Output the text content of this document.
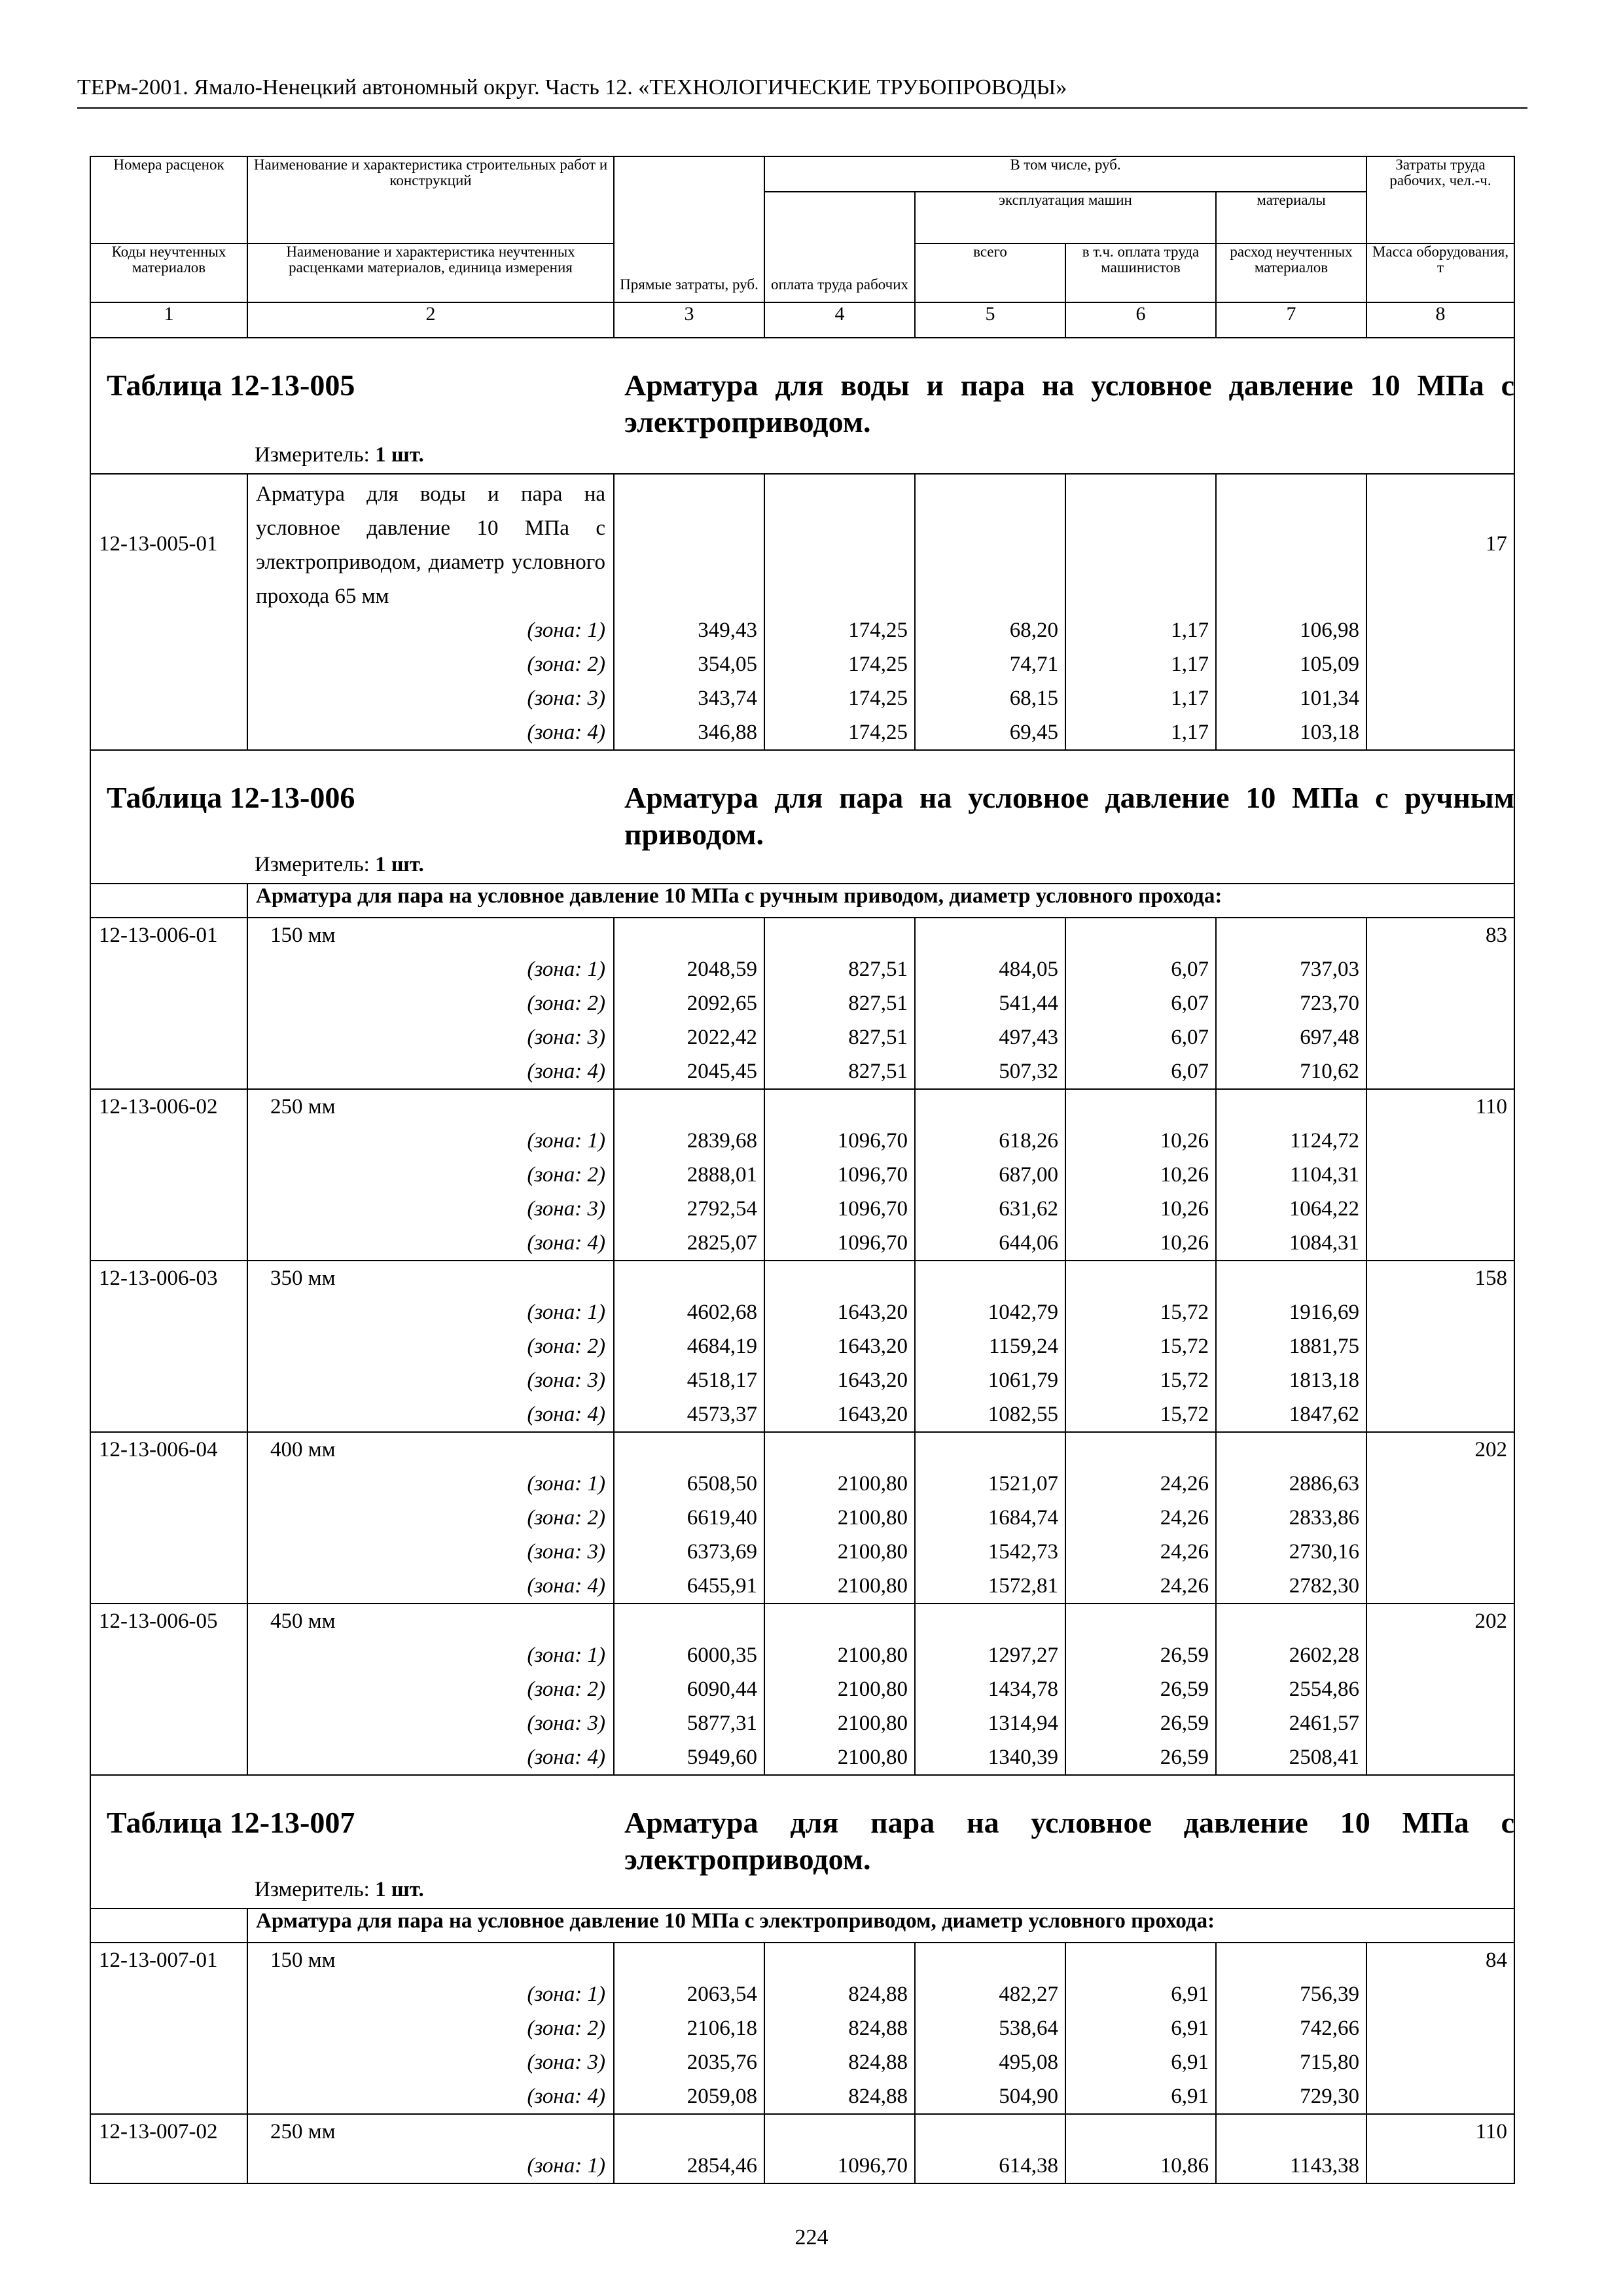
ТЕРм-2001. Ямало-Ненецкий автономный округ. Часть 12. «ТЕХНОЛОГИЧЕСКИЕ ТРУБОПРОВОДЫ»
Номера расценок	Наименование и характеристика строительных работ и конструкций	Прямые затраты, руб.	В том числе, руб.				Затраты труда рабочих, чел.-ч.
			оплата труда рабочих	эксплуатация машин		материалы	
Коды неучтенных материалов	Наименование и характеристика неучтенных расценками материалов, единица измерения			всего	в т.ч. оплата труда машинистов	расход неучтенных материалов	Масса оборудования, т
1	2	3	4	5	6	7	8

Таблица 12-13-005 Арматура для воды и пара на условное давление 10 МПа с электроприводом.
Измеритель: 1 шт.							

12-13-005-01	Арматура для воды и пара на условное давление 10 МПа с электроприводом, диаметр условного прохода 65 мм						17
	(зона: 1)	349,43	174,25	68,20	1,17	106,98	
	(зона: 2)	354,05	174,25	74,71	1,17	105,09	
	(зона: 3)	343,74	174,25	68,15	1,17	101,34	
	(зона: 4)	346,88	174,25	69,45	1,17	103,18	

Таблица 12-13-006 Арматура для пара на условное давление 10 МПа с ручным приводом.
Измеритель: 1 шт.							

	Арматура для пара на условное давление 10 МПа с ручным приводом, диаметр условного прохода:						
12-13-006-01	150 мм						83
	(зона: 1)	2048,59	827,51	484,05	6,07	737,03	
	(зона: 2)	2092,65	827,51	541,44	6,07	723,70	
	(зона: 3)	2022,42	827,51	497,43	6,07	697,48	
	(зона: 4)	2045,45	827,51	507,32	6,07	710,62	
12-13-006-02	250 мм						110
	(зона: 1)	2839,68	1096,70	618,26	10,26	1124,72	
	(зона: 2)	2888,01	1096,70	687,00	10,26	1104,31	
	(зона: 3)	2792,54	1096,70	631,62	10,26	1064,22	
	(зона: 4)	2825,07	1096,70	644,06	10,26	1084,31	
12-13-006-03	350 мм						158
	(зона: 1)	4602,68	1643,20	1042,79	15,72	1916,69	
	(зона: 2)	4684,19	1643,20	1159,24	15,72	1881,75	
	(зона: 3)	4518,17	1643,20	1061,79	15,72	1813,18	
	(зона: 4)	4573,37	1643,20	1082,55	15,72	1847,62	
12-13-006-04	400 мм						202
	(зона: 1)	6508,50	2100,80	1521,07	24,26	2886,63	
	(зона: 2)	6619,40	2100,80	1684,74	24,26	2833,86	
	(зона: 3)	6373,69	2100,80	1542,73	24,26	2730,16	
	(зона: 4)	6455,91	2100,80	1572,81	24,26	2782,30	
12-13-006-05	450 мм						202
	(зона: 1)	6000,35	2100,80	1297,27	26,59	2602,28	
	(зона: 2)	6090,44	2100,80	1434,78	26,59	2554,86	
	(зона: 3)	5877,31	2100,80	1314,94	26,59	2461,57	
	(зона: 4)	5949,60	2100,80	1340,39	26,59	2508,41	

Таблица 12-13-007 Арматура для пара на условное давление 10 МПа с электроприводом.
Измеритель: 1 шт.							

	Арматура для пара на условное давление 10 МПа с электроприводом, диаметр условного прохода:						
12-13-007-01	150 мм						84
	(зона: 1)	2063,54	824,88	482,27	6,91	756,39	
	(зона: 2)	2106,18	824,88	538,64	6,91	742,66	
	(зона: 3)	2035,76	824,88	495,08	6,91	715,80	
	(зона: 4)	2059,08	824,88	504,90	6,91	729,30	
12-13-007-02	250 мм						110
	(зона: 1)	2854,46	1096,70	614,38	10,86	1143,38	
224
